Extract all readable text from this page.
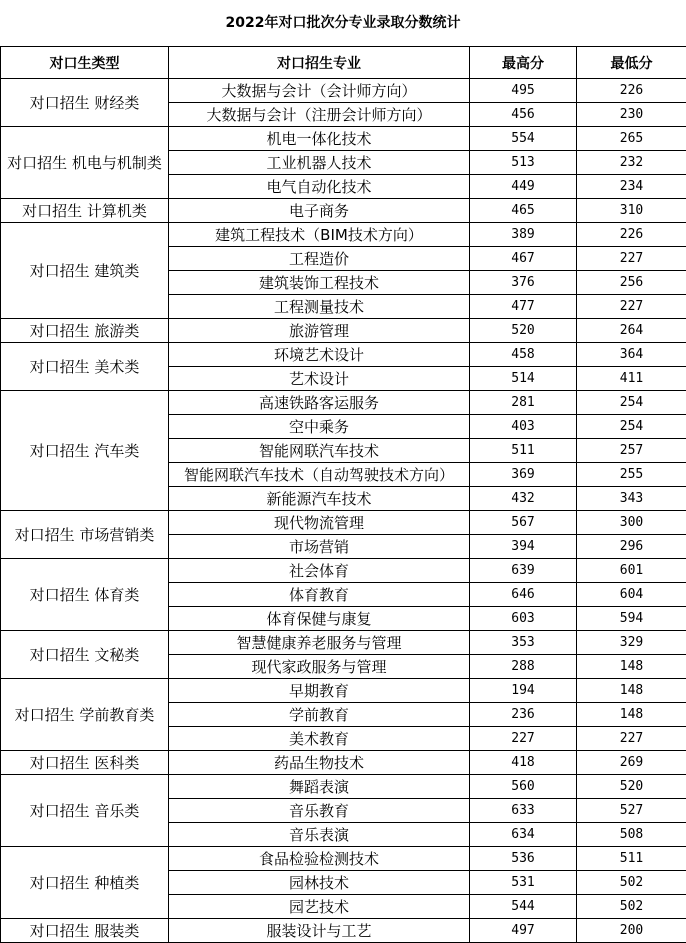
2022年对口批次分专业录取分数统计
对口生类型	对口招生专业	最高分	最低分
对口招生 财经类	大数据与会计（会计师方向）	495	226
	大数据与会计（注册会计师方向）	456	230
对口招生 机电与机制类	机电一体化技术	554	265
	工业机器人技术	513	232
	电气自动化技术	449	234
对口招生 计算机类	电子商务	465	310
对口招生 建筑类	建筑工程技术（BIM技术方向）	389	226
	工程造价	467	227
	建筑装饰工程技术	376	256
	工程测量技术	477	227
对口招生 旅游类	旅游管理	520	264
对口招生 美术类	环境艺术设计	458	364
	艺术设计	514	411
对口招生 汽车类	高速铁路客运服务	281	254
	空中乘务	403	254
	智能网联汽车技术	511	257
	智能网联汽车技术（自动驾驶技术方向）	369	255
	新能源汽车技术	432	343
对口招生 市场营销类	现代物流管理	567	300
	市场营销	394	296
对口招生 体育类	社会体育	639	601
	体育教育	646	604
	体育保健与康复	603	594
对口招生 文秘类	智慧健康养老服务与管理	353	329
	现代家政服务与管理	288	148
对口招生 学前教育类	早期教育	194	148
	学前教育	236	148
	美术教育	227	227
对口招生 医科类	药品生物技术	418	269
对口招生 音乐类	舞蹈表演	560	520
	音乐教育	633	527
	音乐表演	634	508
对口招生 种植类	食品检验检测技术	536	511
	园林技术	531	502
	园艺技术	544	502
对口招生 服装类	服装设计与工艺	497	200
